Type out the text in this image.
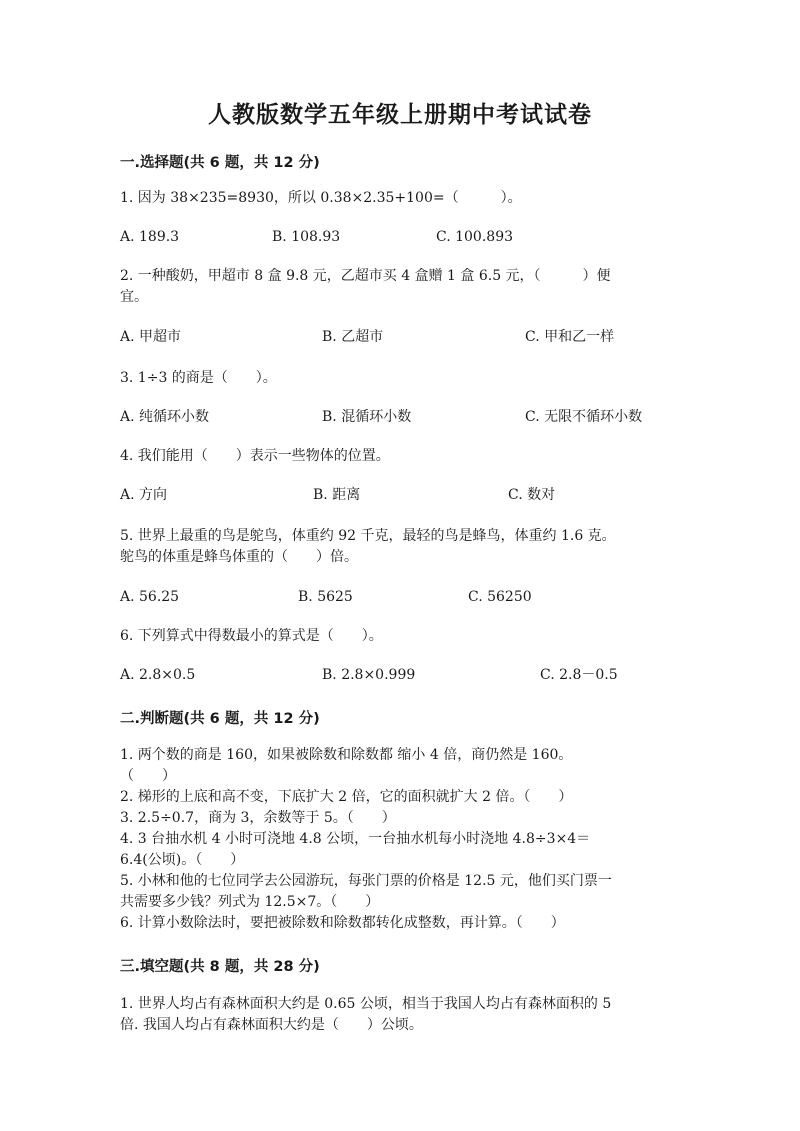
人教版数学五年级上册期中考试试卷
一.选择题(共 6 题，共 12 分)
1. 因为 38×235=8930，所以 0.38×2.35+100=（　　　）。
A. 189.3	B. 108.93	C. 100.893
2. 一种酸奶，甲超市 8 盒 9.8 元，乙超市买 4 盒赠 1 盒 6.5 元，（　　　）便
宜。
A. 甲超市	B. 乙超市	C. 甲和乙一样
3. 1÷3 的商是（　　）。
A. 纯循环小数	B. 混循环小数	C. 无限不循环小数
4. 我们能用（　　）表示一些物体的位置。
A. 方向	B. 距离	C. 数对
5. 世界上最重的鸟是鸵鸟，体重约 92 千克，最轻的鸟是蜂鸟，体重约 1.6 克。
鸵鸟的体重是蜂鸟体重的（　　）倍。
A. 56.25	B. 5625	C. 56250
6. 下列算式中得数最小的算式是（　　）。
A. 2.8×0.5	B. 2.8×0.999	C. 2.8－0.5
二.判断题(共 6 题，共 12 分)
1. 两个数的商是 160，如果被除数和除数都 缩小 4 倍，商仍然是 160。
（　　）
2. 梯形的上底和高不变，下底扩大 2 倍，它的面积就扩大 2 倍。（　　）
3. 2.5÷0.7，商为 3，余数等于 5。（　　）
4. 3 台抽水机 4 小时可浇地 4.8 公顷，一台抽水机每小时浇地 4.8÷3×4＝
6.4(公顷)。（　　）
5. 小林和他的七位同学去公园游玩，每张门票的价格是 12.5 元，他们买门票一
共需要多少钱？列式为 12.5×7。（　　）
6. 计算小数除法时，要把被除数和除数都转化成整数，再计算。（　　）
三.填空题(共 8 题，共 28 分)
1. 世界人均占有森林面积大约是 0.65 公顷，相当于我国人均占有森林面积的 5
倍. 我国人均占有森林面积大约是（　　）公顷。
